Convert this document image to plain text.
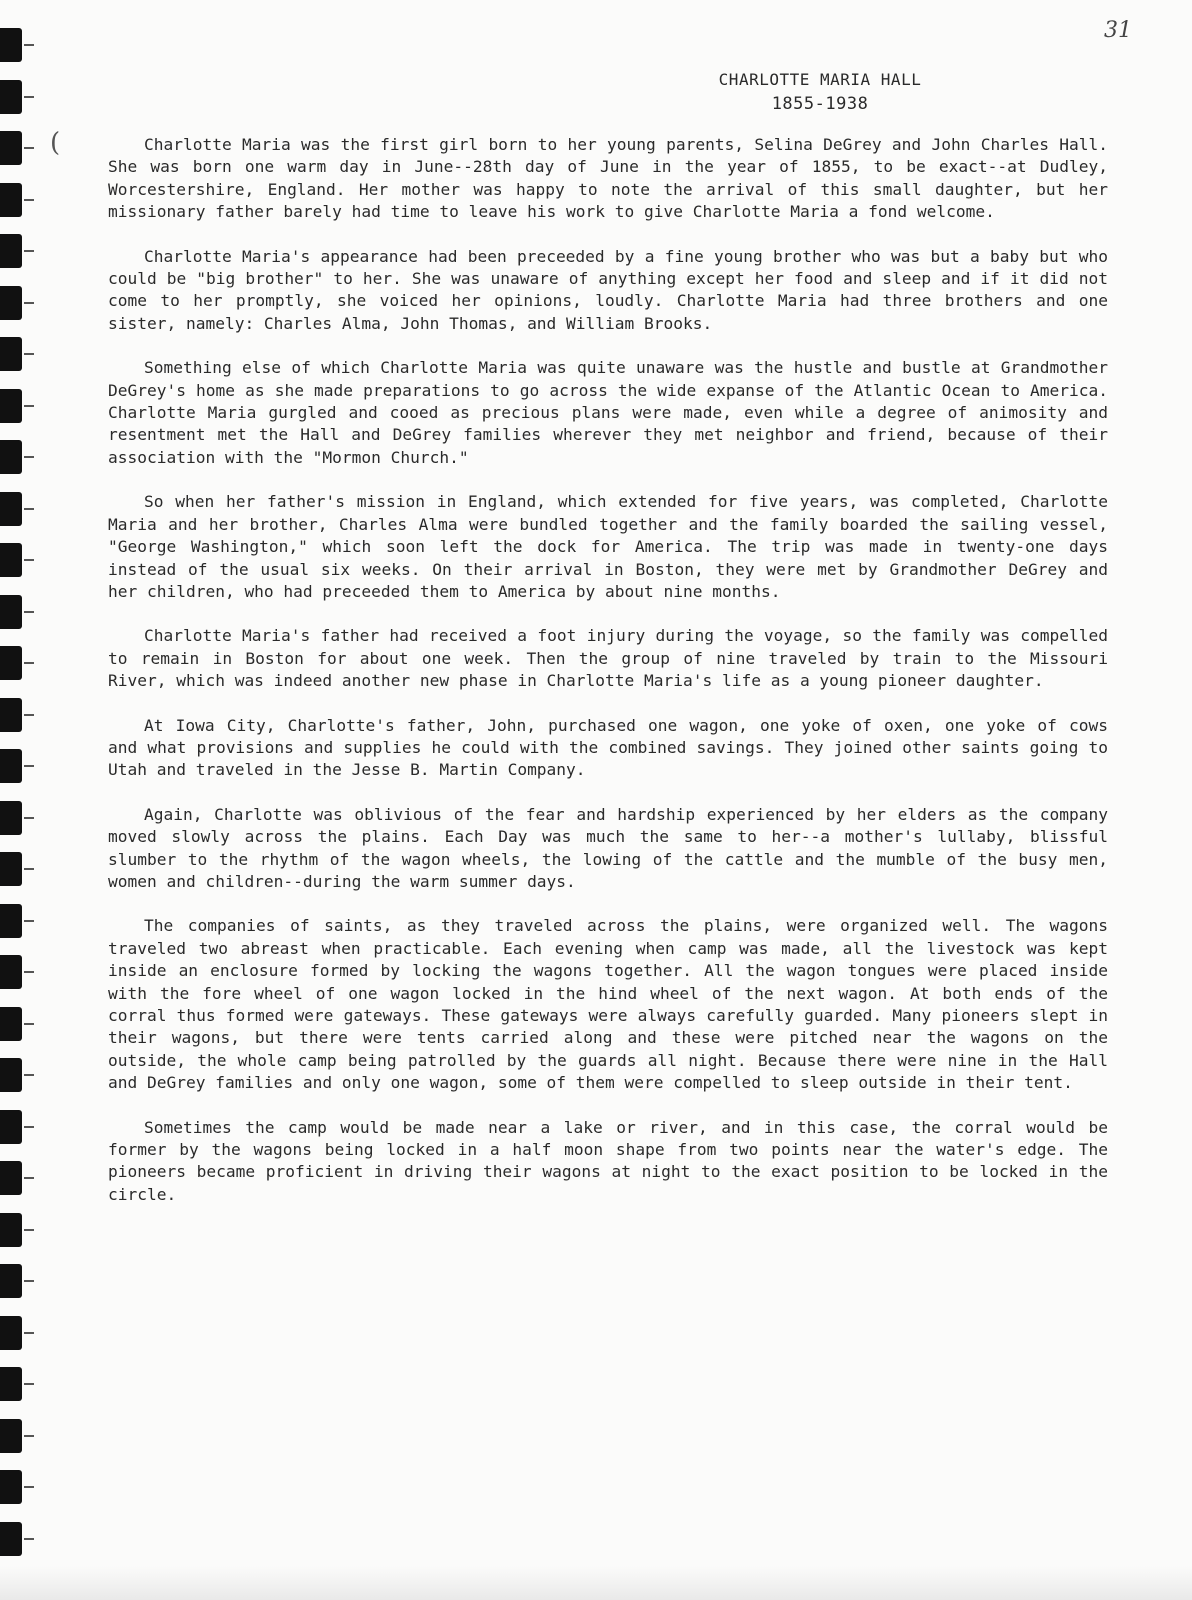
31
(
CHARLOTTE MARIA HALL
1855-1938

Charlotte Maria was the first girl born to her young parents, Selina DeGrey and John Charles Hall. She was born one warm day in June--28th day of June in the year of 1855, to be exact--at Dudley, Worcestershire, England. Her mother was happy to note the arrival of this small daughter, but her missionary father barely had time to leave his work to give Charlotte Maria a fond welcome.

Charlotte Maria's appearance had been preceeded by a fine young brother who was but a baby but who could be "big brother" to her. She was unaware of anything except her food and sleep and if it did not come to her promptly, she voiced her opinions, loudly. Charlotte Maria had three brothers and one sister, namely: Charles Alma, John Thomas, and William Brooks.

Something else of which Charlotte Maria was quite unaware was the hustle and bustle at Grandmother DeGrey's home as she made preparations to go across the wide expanse of the Atlantic Ocean to America. Charlotte Maria gurgled and cooed as precious plans were made, even while a degree of animosity and resentment met the Hall and DeGrey families wherever they met neighbor and friend, because of their association with the "Mormon Church."

So when her father's mission in England, which extended for five years, was completed, Charlotte Maria and her brother, Charles Alma were bundled together and the family boarded the sailing vessel, "George Washington," which soon left the dock for America. The trip was made in twenty-one days instead of the usual six weeks. On their arrival in Boston, they were met by Grandmother DeGrey and her children, who had preceeded them to America by about nine months.

Charlotte Maria's father had received a foot injury during the voyage, so the family was compelled to remain in Boston for about one week. Then the group of nine traveled by train to the Missouri River, which was indeed another new phase in Charlotte Maria's life as a young pioneer daughter.

At Iowa City, Charlotte's father, John, purchased one wagon, one yoke of oxen, one yoke of cows and what provisions and supplies he could with the combined savings. They joined other saints going to Utah and traveled in the Jesse B. Martin Company.

Again, Charlotte was oblivious of the fear and hardship experienced by her elders as the company moved slowly across the plains. Each Day was much the same to her--a mother's lullaby, blissful slumber to the rhythm of the wagon wheels, the lowing of the cattle and the mumble of the busy men, women and children--during the warm summer days.

The companies of saints, as they traveled across the plains, were organized well. The wagons traveled two abreast when practicable. Each evening when camp was made, all the livestock was kept inside an enclosure formed by locking the wagons together. All the wagon tongues were placed inside with the fore wheel of one wagon locked in the hind wheel of the next wagon. At both ends of the corral thus formed were gateways. These gateways were always carefully guarded. Many pioneers slept in their wagons, but there were tents carried along and these were pitched near the wagons on the outside, the whole camp being patrolled by the guards all night. Because there were nine in the Hall and DeGrey families and only one wagon, some of them were compelled to sleep outside in their tent.

Sometimes the camp would be made near a lake or river, and in this case, the corral would be former by the wagons being locked in a half moon shape from two points near the water's edge. The pioneers became proficient in driving their wagons at night to the exact position to be locked in the circle.
